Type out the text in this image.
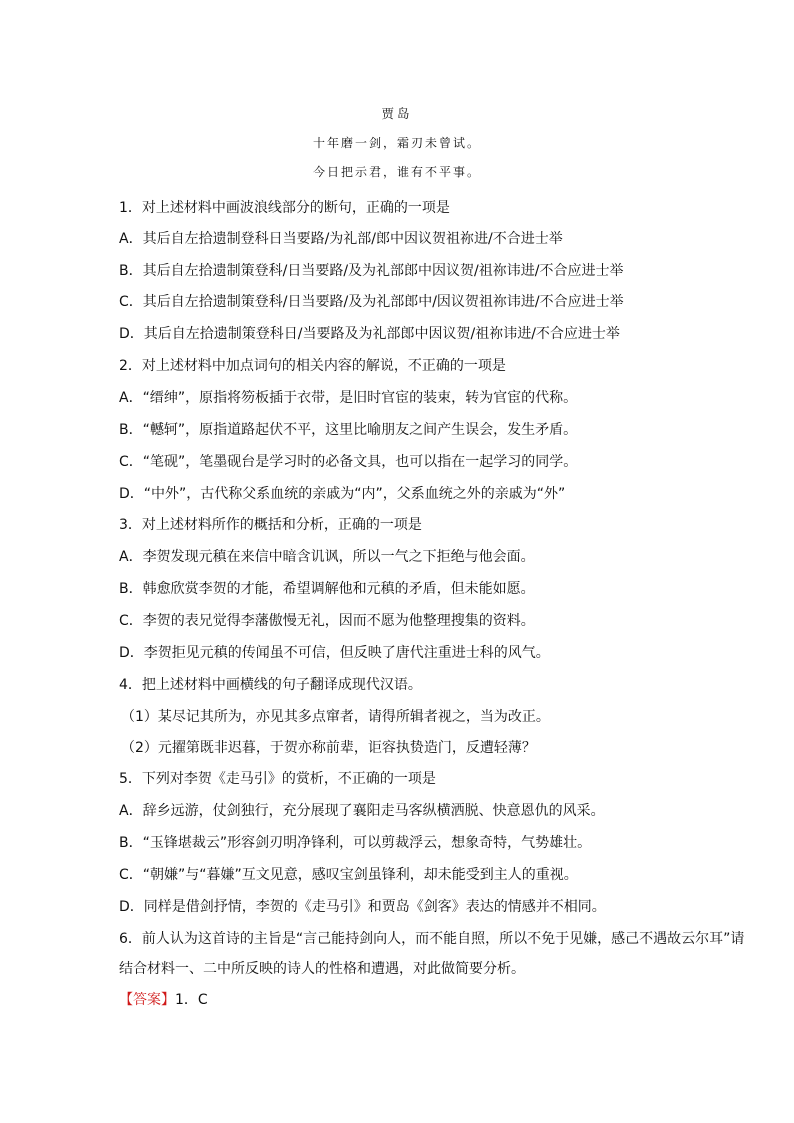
贾岛
十年磨一剑，霜刃未曾试。
今日把示君，谁有不平事。
1．对上述材料中画波浪线部分的断句，正确的一项是
A．其后自左拾遗制登科日当要路/为礼部/郎中因议贺祖祢进/不合进士举
B．其后自左拾遗制策登科/日当要路/及为礼部郎中因议贺/祖祢讳进/不合应进士举
C．其后自左拾遗制策登科/日当要路/及为礼部郎中/因议贺祖祢讳进/不合应进士举
D．其后自左拾遗制策登科日/当要路及为礼部郎中因议贺/祖祢讳进/不合应进士举
2．对上述材料中加点词句的相关内容的解说，不正确的一项是
A．“缙绅”，原指将笏板插于衣带，是旧时官宦的装束，转为官宦的代称。
B．“轗轲”，原指道路起伏不平，这里比喻朋友之间产生误会，发生矛盾。
C．“笔砚”，笔墨砚台是学习时的必备文具，也可以指在一起学习的同学。
D．“中外”，古代称父系血统的亲戚为“内”，父系血统之外的亲戚为“外”
3．对上述材料所作的概括和分析，正确的一项是
A．李贺发现元稹在来信中暗含讥讽，所以一气之下拒绝与他会面。
B．韩愈欣赏李贺的才能，希望调解他和元稹的矛盾，但未能如愿。
C．李贺的表兄觉得李藩傲慢无礼，因而不愿为他整理搜集的资料。
D．李贺拒见元稹的传闻虽不可信，但反映了唐代注重进士科的风气。
4．把上述材料中画横线的句子翻译成现代汉语。
（1）某尽记其所为，亦见其多点窜者，请得所辑者视之，当为改正。
（2）元擢第既非迟暮，于贺亦称前辈，讵容执贽造门，反遭轻薄？
5．下列对李贺《走马引》的赏析，不正确的一项是
A．辞乡远游，仗剑独行，充分展现了襄阳走马客纵横洒脱、快意恩仇的风采。
B．“玉锋堪裁云”形容剑刃明净锋利，可以剪裁浮云，想象奇特，气势雄壮。
C．“朝嫌”与“暮嫌”互文见意，感叹宝剑虽锋利，却未能受到主人的重视。
D．同样是借剑抒情，李贺的《走马引》和贾岛《剑客》表达的情感并不相同。
6．前人认为这首诗的主旨是“言己能持剑向人，而不能自照，所以不免于见嫌，感己不遇故云尔耳”请结合材料一、二中所反映的诗人的性格和遭遇，对此做简要分析。
【答案】1．C
